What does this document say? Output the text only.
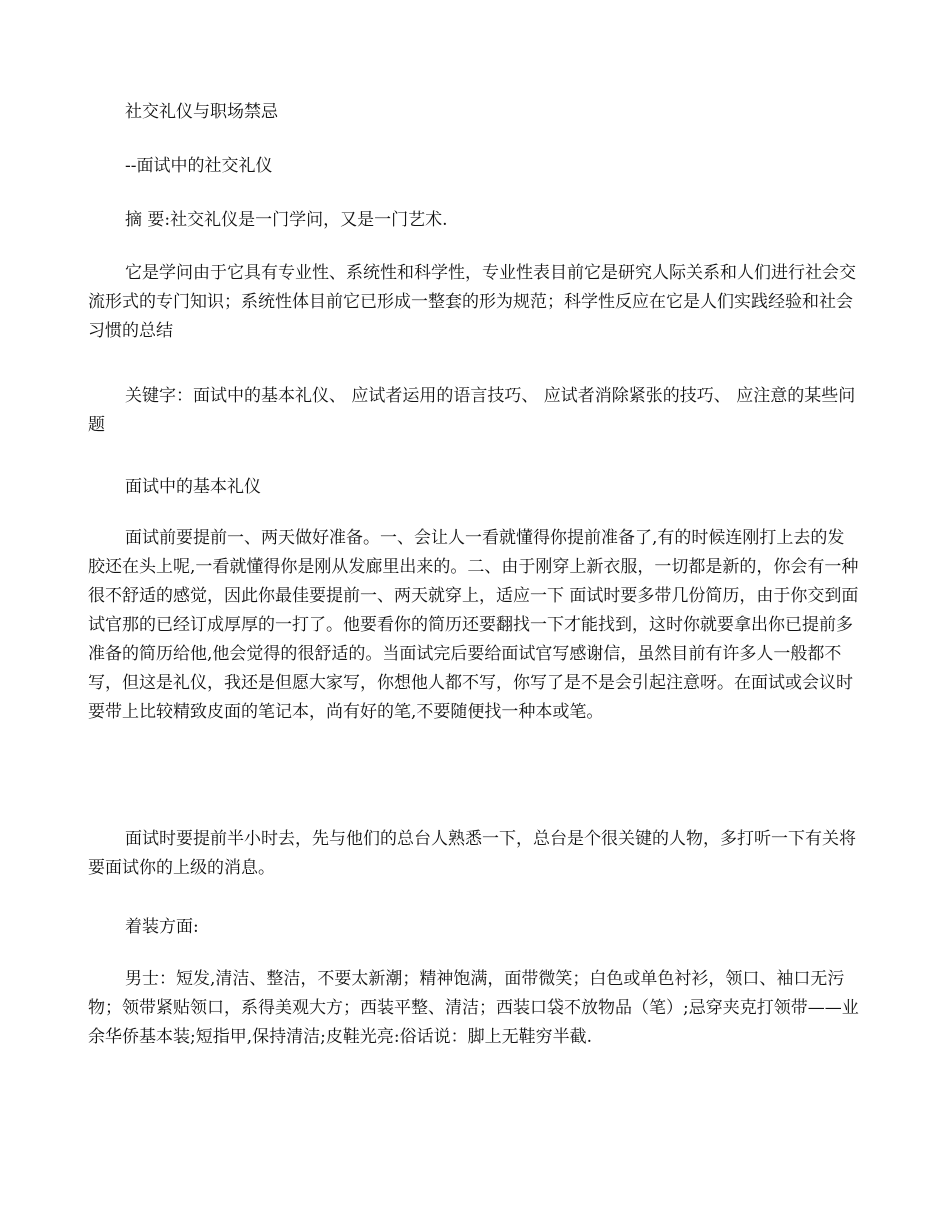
社交礼仪与职场禁忌

--面试中的社交礼仪

摘 要:社交礼仪是一门学问，又是一门艺术.

它是学问由于它具有专业性、系统性和科学性，专业性表目前它是研究人际关系和人们进行社会交流形式的专门知识；系统性体目前它已形成一整套的形为规范；科学性反应在它是人们实践经验和社会习惯的总结

关键字：面试中的基本礼仪、 应试者运用的语言技巧、 应试者消除紧张的技巧、 应注意的某些问题

面试中的基本礼仪

面试前要提前一、两天做好准备。一、会让人一看就懂得你提前准备了,有的时候连刚打上去的发胶还在头上呢,一看就懂得你是刚从发廊里出来的。二、由于刚穿上新衣服，一切都是新的，你会有一种很不舒适的感觉，因此你最佳要提前一、两天就穿上，适应一下 面试时要多带几份简历，由于你交到面试官那的已经订成厚厚的一打了。他要看你的简历还要翻找一下才能找到，这时你就要拿出你已提前多准备的简历给他,他会觉得的很舒适的。当面试完后要给面试官写感谢信，虽然目前有许多人一般都不写，但这是礼仪，我还是但愿大家写，你想他人都不写，你写了是不是会引起注意呀。在面试或会议时要带上比较精致皮面的笔记本，尚有好的笔,不要随便找一种本或笔。

面试时要提前半小时去，先与他们的总台人熟悉一下，总台是个很关键的人物，多打听一下有关将要面试你的上级的消息。

着装方面:

男士：短发,清洁、整洁，不要太新潮；精神饱满，面带微笑；白色或单色衬衫，领口、袖口无污物；领带紧贴领口，系得美观大方；西装平整、清洁；西装口袋不放物品（笔）;忌穿夹克打领带——业余华侨基本装;短指甲,保持清洁;皮鞋光亮:俗话说：脚上无鞋穷半截.
